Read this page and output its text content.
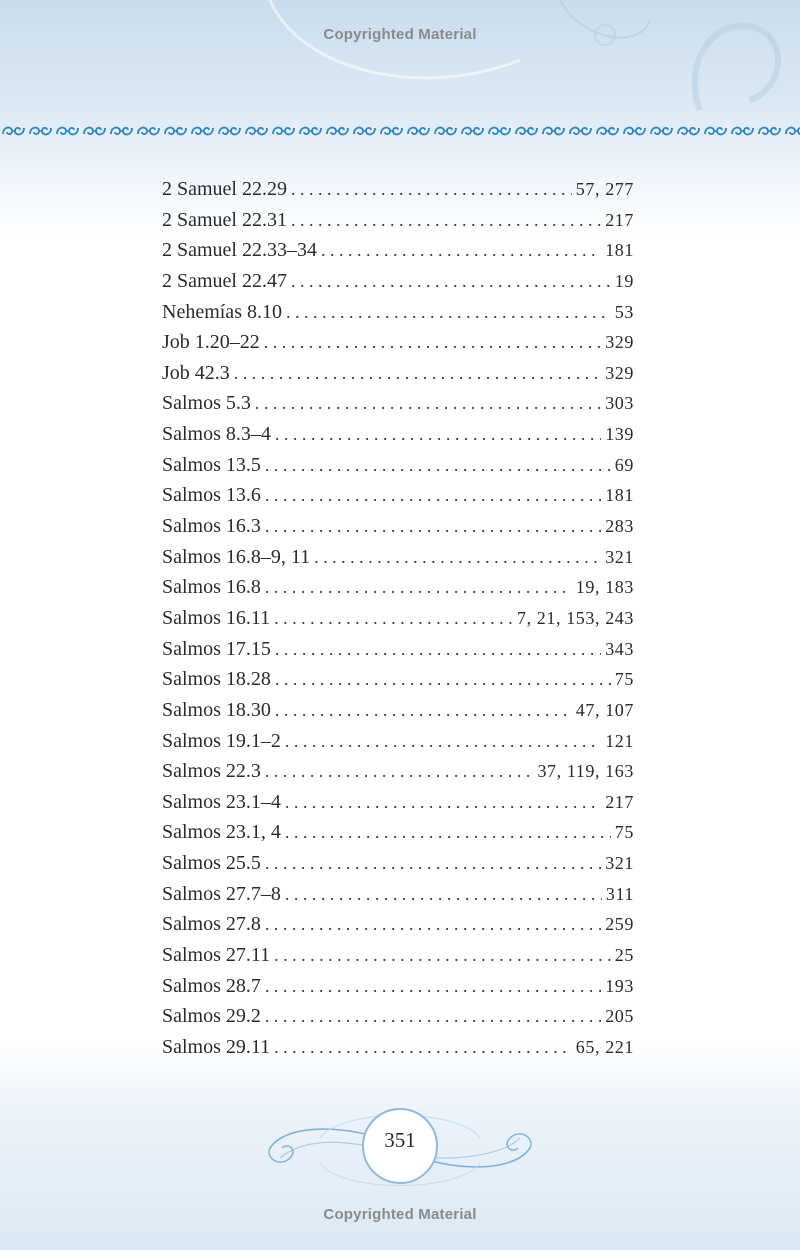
Copyrighted Material
2 Samuel 22.29 . . .	57, 277
2 Samuel 22.31 . . .	217
2 Samuel 22.33–34 . . .	181
2 Samuel 22.47 . . .	19
Nehemías 8.10 . . .	53
Job 1.20–22 . . .	329
Job 42.3 . . .	329
Salmos 5.3 . . .	303
Salmos 8.3–4 . . .	139
Salmos 13.5 . . .	69
Salmos 13.6 . . .	181
Salmos 16.3 . . .	283
Salmos 16.8–9, 11 . . .	321
Salmos 16.8 . . .	19, 183
Salmos 16.11 . . .	7, 21, 153, 243
Salmos 17.15 . . .	343
Salmos 18.28 . . .	75
Salmos 18.30 . . .	47, 107
Salmos 19.1–2 . . .	121
Salmos 22.3 . . .	37, 119, 163
Salmos 23.1–4 . . .	217
Salmos 23.1, 4 . . .	75
Salmos 25.5 . . .	321
Salmos 27.7–8 . . .	311
Salmos 27.8 . . .	259
Salmos 27.11 . . .	25
Salmos 28.7 . . .	193
Salmos 29.2 . . .	205
Salmos 29.11 . . .	65, 221
351
Copyrighted Material
